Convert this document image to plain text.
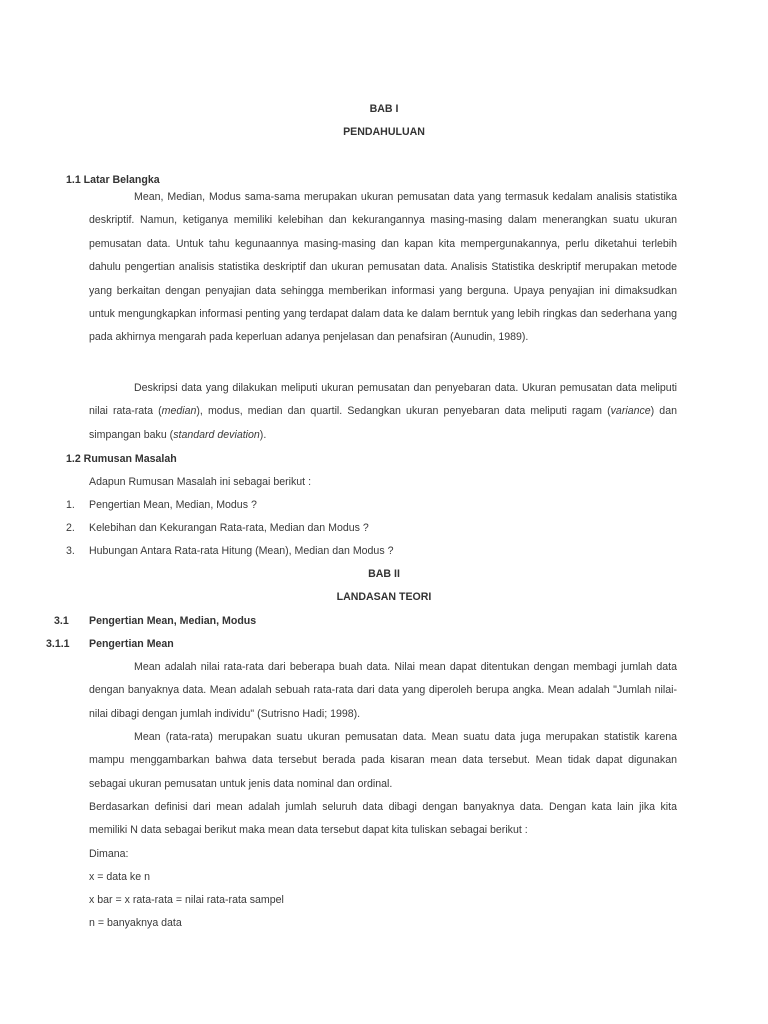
BAB I
PENDAHULUAN
1.1 Latar Belangka

Mean, Median, Modus sama-sama merupakan ukuran pemusatan data yang termasuk kedalam analisis statistika deskriptif. Namun, ketiganya memiliki kelebihan dan kekurangannya masing-masing dalam menerangkan suatu ukuran pemusatan data. Untuk tahu kegunaannya masing-masing dan kapan kita mempergunakannya, perlu diketahui terlebih dahulu pengertian analisis statistika deskriptif dan ukuran pemusatan data. Analisis Statistika deskriptif merupakan metode yang berkaitan dengan penyajian data sehingga memberikan informasi yang berguna. Upaya penyajian ini dimaksudkan untuk mengungkapkan informasi penting yang terdapat dalam data ke dalam berntuk yang lebih ringkas dan sederhana yang pada akhirnya mengarah pada keperluan adanya penjelasan dan penafsiran (Aunudin, 1989).

Deskripsi data yang dilakukan meliputi ukuran pemusatan dan penyebaran data. Ukuran pemusatan data meliputi nilai rata-rata (median), modus, median dan quartil. Sedangkan ukuran penyebaran data meliputi ragam (variance) dan simpangan baku (standard deviation).

1.2 Rumusan Masalah
Adapun Rumusan Masalah ini sebagai berikut :
1. Pengertian Mean, Median, Modus ?
2. Kelebihan dan Kekurangan Rata-rata, Median dan Modus ?
3. Hubungan Antara Rata-rata Hitung (Mean), Median dan Modus ?
BAB II
LANDASAN TEORI
3.1 Pengertian Mean, Median, Modus
3.1.1 Pengertian Mean

Mean adalah nilai rata-rata dari beberapa buah data. Nilai mean dapat ditentukan dengan membagi jumlah data dengan banyaknya data. Mean adalah sebuah rata-rata dari data yang diperoleh berupa angka. Mean adalah "Jumlah nilai-nilai dibagi dengan jumlah individu" (Sutrisno Hadi; 1998).

Mean (rata-rata) merupakan suatu ukuran pemusatan data. Mean suatu data juga merupakan statistik karena mampu menggambarkan bahwa data tersebut berada pada kisaran mean data tersebut. Mean tidak dapat digunakan sebagai ukuran pemusatan untuk jenis data nominal dan ordinal.

Berdasarkan definisi dari mean adalah jumlah seluruh data dibagi dengan banyaknya data. Dengan kata lain jika kita memiliki N data sebagai berikut maka mean data tersebut dapat kita tuliskan sebagai berikut :

Dimana:
x = data ke n
x bar = x rata-rata = nilai rata-rata sampel
n = banyaknya data
